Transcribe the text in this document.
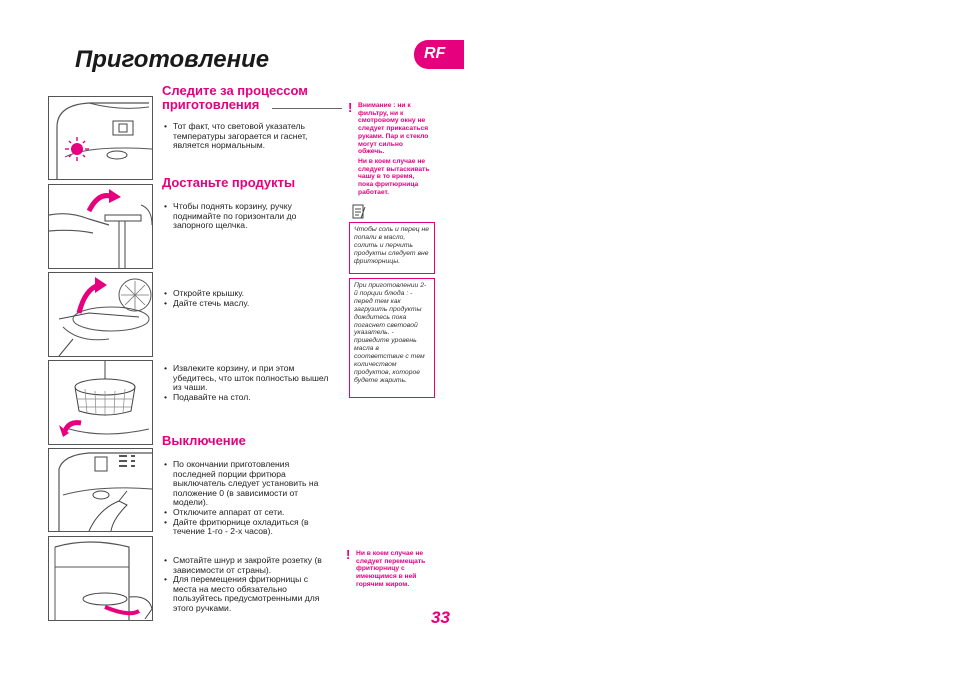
Приготовление	RF
Следите за процессом приготовления
• Тот факт, что световой указатель температуры загорается и гаснет, является нормальным.
Достаньте продукты
• Чтобы поднять корзину, ручку поднимайте по горизонтали до запорного щелчка.
• Откройте крышку.
• Дайте стечь маслу.
• Извлеките корзину, и при этом убедитесь, что шток полностью вышел из чаши.
• Подавайте на стол.
Выключение
• По окончании приготовления последней порции фритюра выключатель следует установить на положение 0 (в зависимости от модели).
• Отключите аппарат от сети.
• Дайте фритюрнице охладиться (в течение 1-го - 2-х часов).
• Смотайте шнур и закройте розетку (в зависимости от страны).
• Для перемещения фритюрницы с места на место обязательно пользуйтесь предусмотренными для этого ручками.
! Внимание : ни к фильтру, ни к смотровому окну не следует прикасаться руками. Пар и стекло могут сильно обжечь.

Ни в коем случае не следует вытаскивать чашу в то время, пока фритюрница работает.

Чтобы соль и перец не попали в масло, солить и перчить продукты следует вне фритюрницы.

При приготовлении 2-й порции блюда : - перед тем как загрузить продукты дождитесь пока погаснет световой указатель. - приведите уровень масла в соответствие с тем количеством продуктов, которое будете жарить.

! Ни в коем случае не следует перемещать фритюрницу с имеющимся в ней горячим жиром.

33
